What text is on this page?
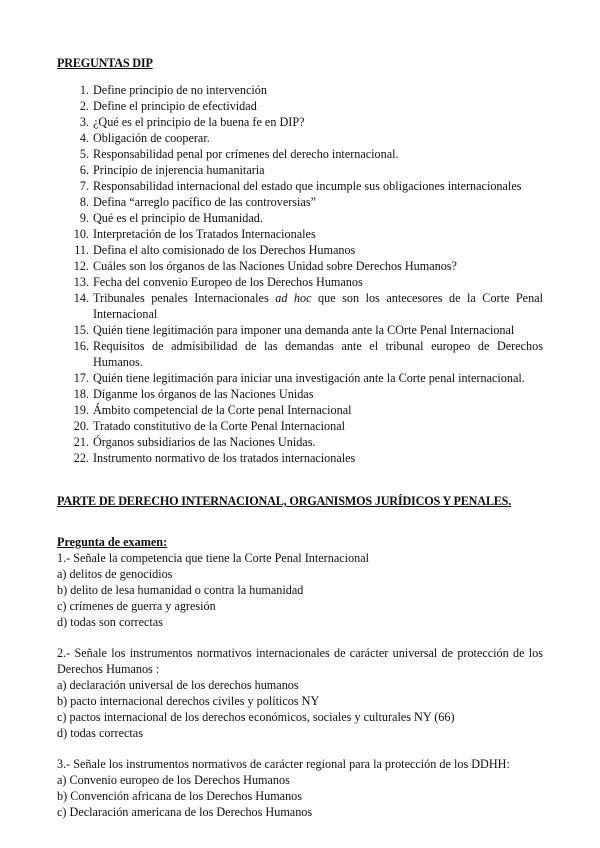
PREGUNTAS DIP
1. Define principio de no intervención
2. Define el principio de efectividad
3. ¿Qué es el principio de la buena fe en DIP?
4. Obligación de cooperar.
5. Responsabilidad penal por crímenes del derecho internacional.
6. Principio de injerencia humanitaria
7. Responsabilidad internacional del estado que incumple sus obligaciones internacionales
8. Defina “arreglo pacífico de las controversias”
9. Qué es el principio de Humanidad.
10. Interpretación de los Tratados Internacionales
11. Defina el alto comisionado de los Derechos Humanos
12. Cuáles son los órganos de las Naciones Unidad sobre Derechos Humanos?
13. Fecha del convenio Europeo de los Derechos Humanos
14. Tribunales penales Internacionales ad hoc que son los antecesores de la Corte Penal Internacional
15. Quién tiene legitimación para imponer una demanda ante la COrte Penal Internacional
16. Requisitos de admisibilidad de las demandas ante el tribunal europeo de Derechos Humanos.
17. Quién tiene legitimación para iniciar una investigación ante la Corte penal internacional.
18. Díganme los órganos de las Naciones Unidas
19. Ámbito competencial de la Corte penal Internacional
20. Tratado constitutivo de la Corte Penal Internacional
21. Órganos subsidiarios de las Naciones Unidas.
22. Instrumento normativo de los tratados internacionales
PARTE DE DERECHO INTERNACIONAL, ORGANISMOS JURÍDICOS Y PENALES.
Pregunta de examen:

1.- Señale la competencia que tiene la Corte Penal Internacional

a) delitos de genocidios
b) delito de lesa humanidad o contra la humanidad
c) crímenes de guerra y agresión
d) todas son correctas

2.- Señale los instrumentos normativos internacionales de carácter universal de protección de los Derechos Humanos :

a) declaración universal de los derechos humanos
b) pacto internacional derechos civiles y políticos NY
c) pactos internacional de los derechos económicos, sociales y culturales NY (66)
d) todas correctas

3.- Señale los instrumentos normativos de carácter regional para la protección de los DDHH:

a) Convenio europeo de los Derechos Humanos
b) Convención africana de los Derechos Humanos
c) Declaración americana de los Derechos Humanos
